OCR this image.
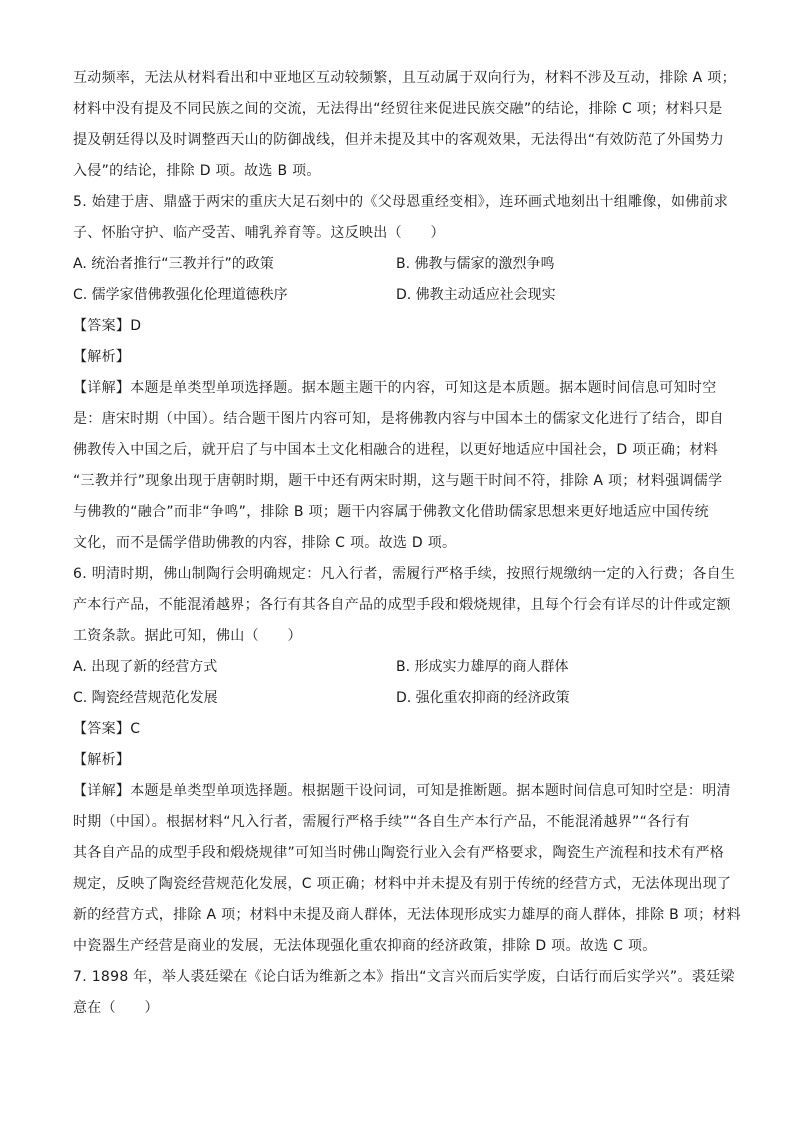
互动频率，无法从材料看出和中亚地区互动较频繁，且互动属于双向行为，材料不涉及互动，排除 A 项；
材料中没有提及不同民族之间的交流，无法得出“经贸往来促进民族交融”的结论，排除 C 项；材料只是
提及朝廷得以及时调整西天山的防御战线，但并未提及其中的客观效果，无法得出“有效防范了外国势力
入侵”的结论，排除 D 项。故选 B 项。
5. 始建于唐、鼎盛于两宋的重庆大足石刻中的《父母恩重经变相》，连环画式地刻出十组雕像，如佛前求
子、怀胎守护、临产受苦、哺乳养育等。这反映出（　　）
A. 统治者推行“三教并行”的政策	B. 佛教与儒家的激烈争鸣
C. 儒学家借佛教强化伦理道德秩序	D. 佛教主动适应社会现实
【答案】D
【解析】
【详解】本题是单类型单项选择题。据本题主题干的内容，可知这是本质题。据本题时间信息可知时空
是：唐宋时期（中国）。结合题干图片内容可知，是将佛教内容与中国本土的儒家文化进行了结合，即自
佛教传入中国之后，就开启了与中国本土文化相融合的进程，以更好地适应中国社会，D 项正确；材料
“三教并行”现象出现于唐朝时期，题干中还有两宋时期，这与题干时间不符，排除 A 项；材料强调儒学
与佛教的“融合”而非“争鸣”，排除 B 项；题干内容属于佛教文化借助儒家思想来更好地适应中国传统
文化，而不是儒学借助佛教的内容，排除 C 项。故选 D 项。
6. 明清时期，佛山制陶行会明确规定：凡入行者，需履行严格手续，按照行规缴纳一定的入行费；各自生
产本行产品，不能混淆越界；各行有其各自产品的成型手段和煅烧规律，且每个行会有详尽的计件或定额
工资条款。据此可知，佛山（　　）
A. 出现了新的经营方式	B. 形成实力雄厚的商人群体
C. 陶瓷经营规范化发展	D. 强化重农抑商的经济政策
【答案】C
【解析】
【详解】本题是单类型单项选择题。根据题干设问词，可知是推断题。据本题时间信息可知时空是：明清
时期（中国）。根据材料“凡入行者，需履行严格手续”“各自生产本行产品，不能混淆越界”“各行有
其各自产品的成型手段和煅烧规律”可知当时佛山陶瓷行业入会有严格要求，陶瓷生产流程和技术有严格
规定，反映了陶瓷经营规范化发展，C 项正确；材料中并未提及有别于传统的经营方式，无法体现出现了
新的经营方式，排除 A 项；材料中未提及商人群体，无法体现形成实力雄厚的商人群体，排除 B 项；材料
中瓷器生产经营是商业的发展，无法体现强化重农抑商的经济政策，排除 D 项。故选 C 项。
7. 1898 年，举人裘廷梁在《论白话为维新之本》指出“文言兴而后实学废，白话行而后实学兴”。裘廷梁
意在（　　）
